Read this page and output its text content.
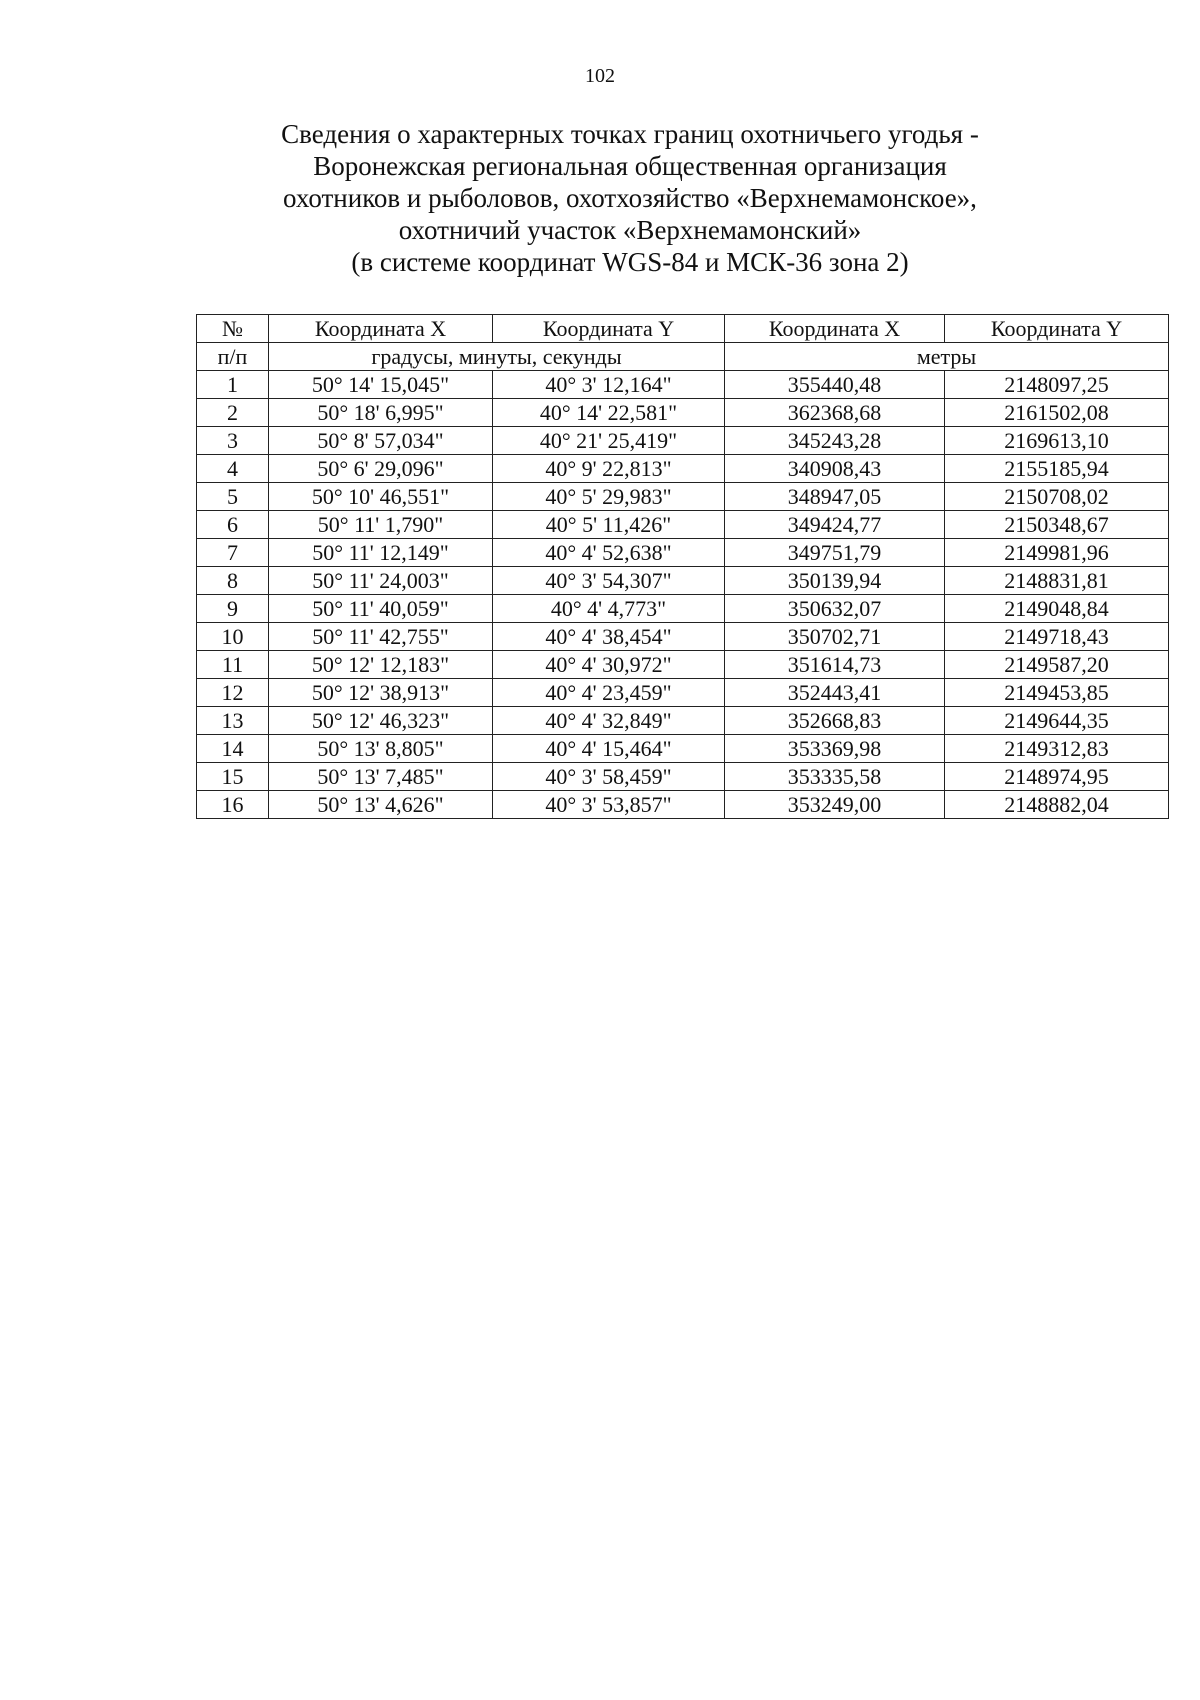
102
Сведения о характерных точках границ охотничьего угодья -
Воронежская региональная общественная организация
охотников и рыболовов, охотхозяйство «Верхнемамонское»,
охотничий участок «Верхнемамонский»
(в системе координат WGS-84 и МСК-36 зона 2)
№	Координата X	Координата Y	Координата X	Координата Y
п/п	градусы, минуты, секунды		метры	
1	50° 14' 15,045"	40° 3' 12,164"	355440,48	2148097,25
2	50° 18' 6,995"	40° 14' 22,581"	362368,68	2161502,08
3	50° 8' 57,034"	40° 21' 25,419"	345243,28	2169613,10
4	50° 6' 29,096"	40° 9' 22,813"	340908,43	2155185,94
5	50° 10' 46,551"	40° 5' 29,983"	348947,05	2150708,02
6	50° 11' 1,790"	40° 5' 11,426"	349424,77	2150348,67
7	50° 11' 12,149"	40° 4' 52,638"	349751,79	2149981,96
8	50° 11' 24,003"	40° 3' 54,307"	350139,94	2148831,81
9	50° 11' 40,059"	40° 4' 4,773"	350632,07	2149048,84
10	50° 11' 42,755"	40° 4' 38,454"	350702,71	2149718,43
11	50° 12' 12,183"	40° 4' 30,972"	351614,73	2149587,20
12	50° 12' 38,913"	40° 4' 23,459"	352443,41	2149453,85
13	50° 12' 46,323"	40° 4' 32,849"	352668,83	2149644,35
14	50° 13' 8,805"	40° 4' 15,464"	353369,98	2149312,83
15	50° 13' 7,485"	40° 3' 58,459"	353335,58	2148974,95
16	50° 13' 4,626"	40° 3' 53,857"	353249,00	2148882,04
